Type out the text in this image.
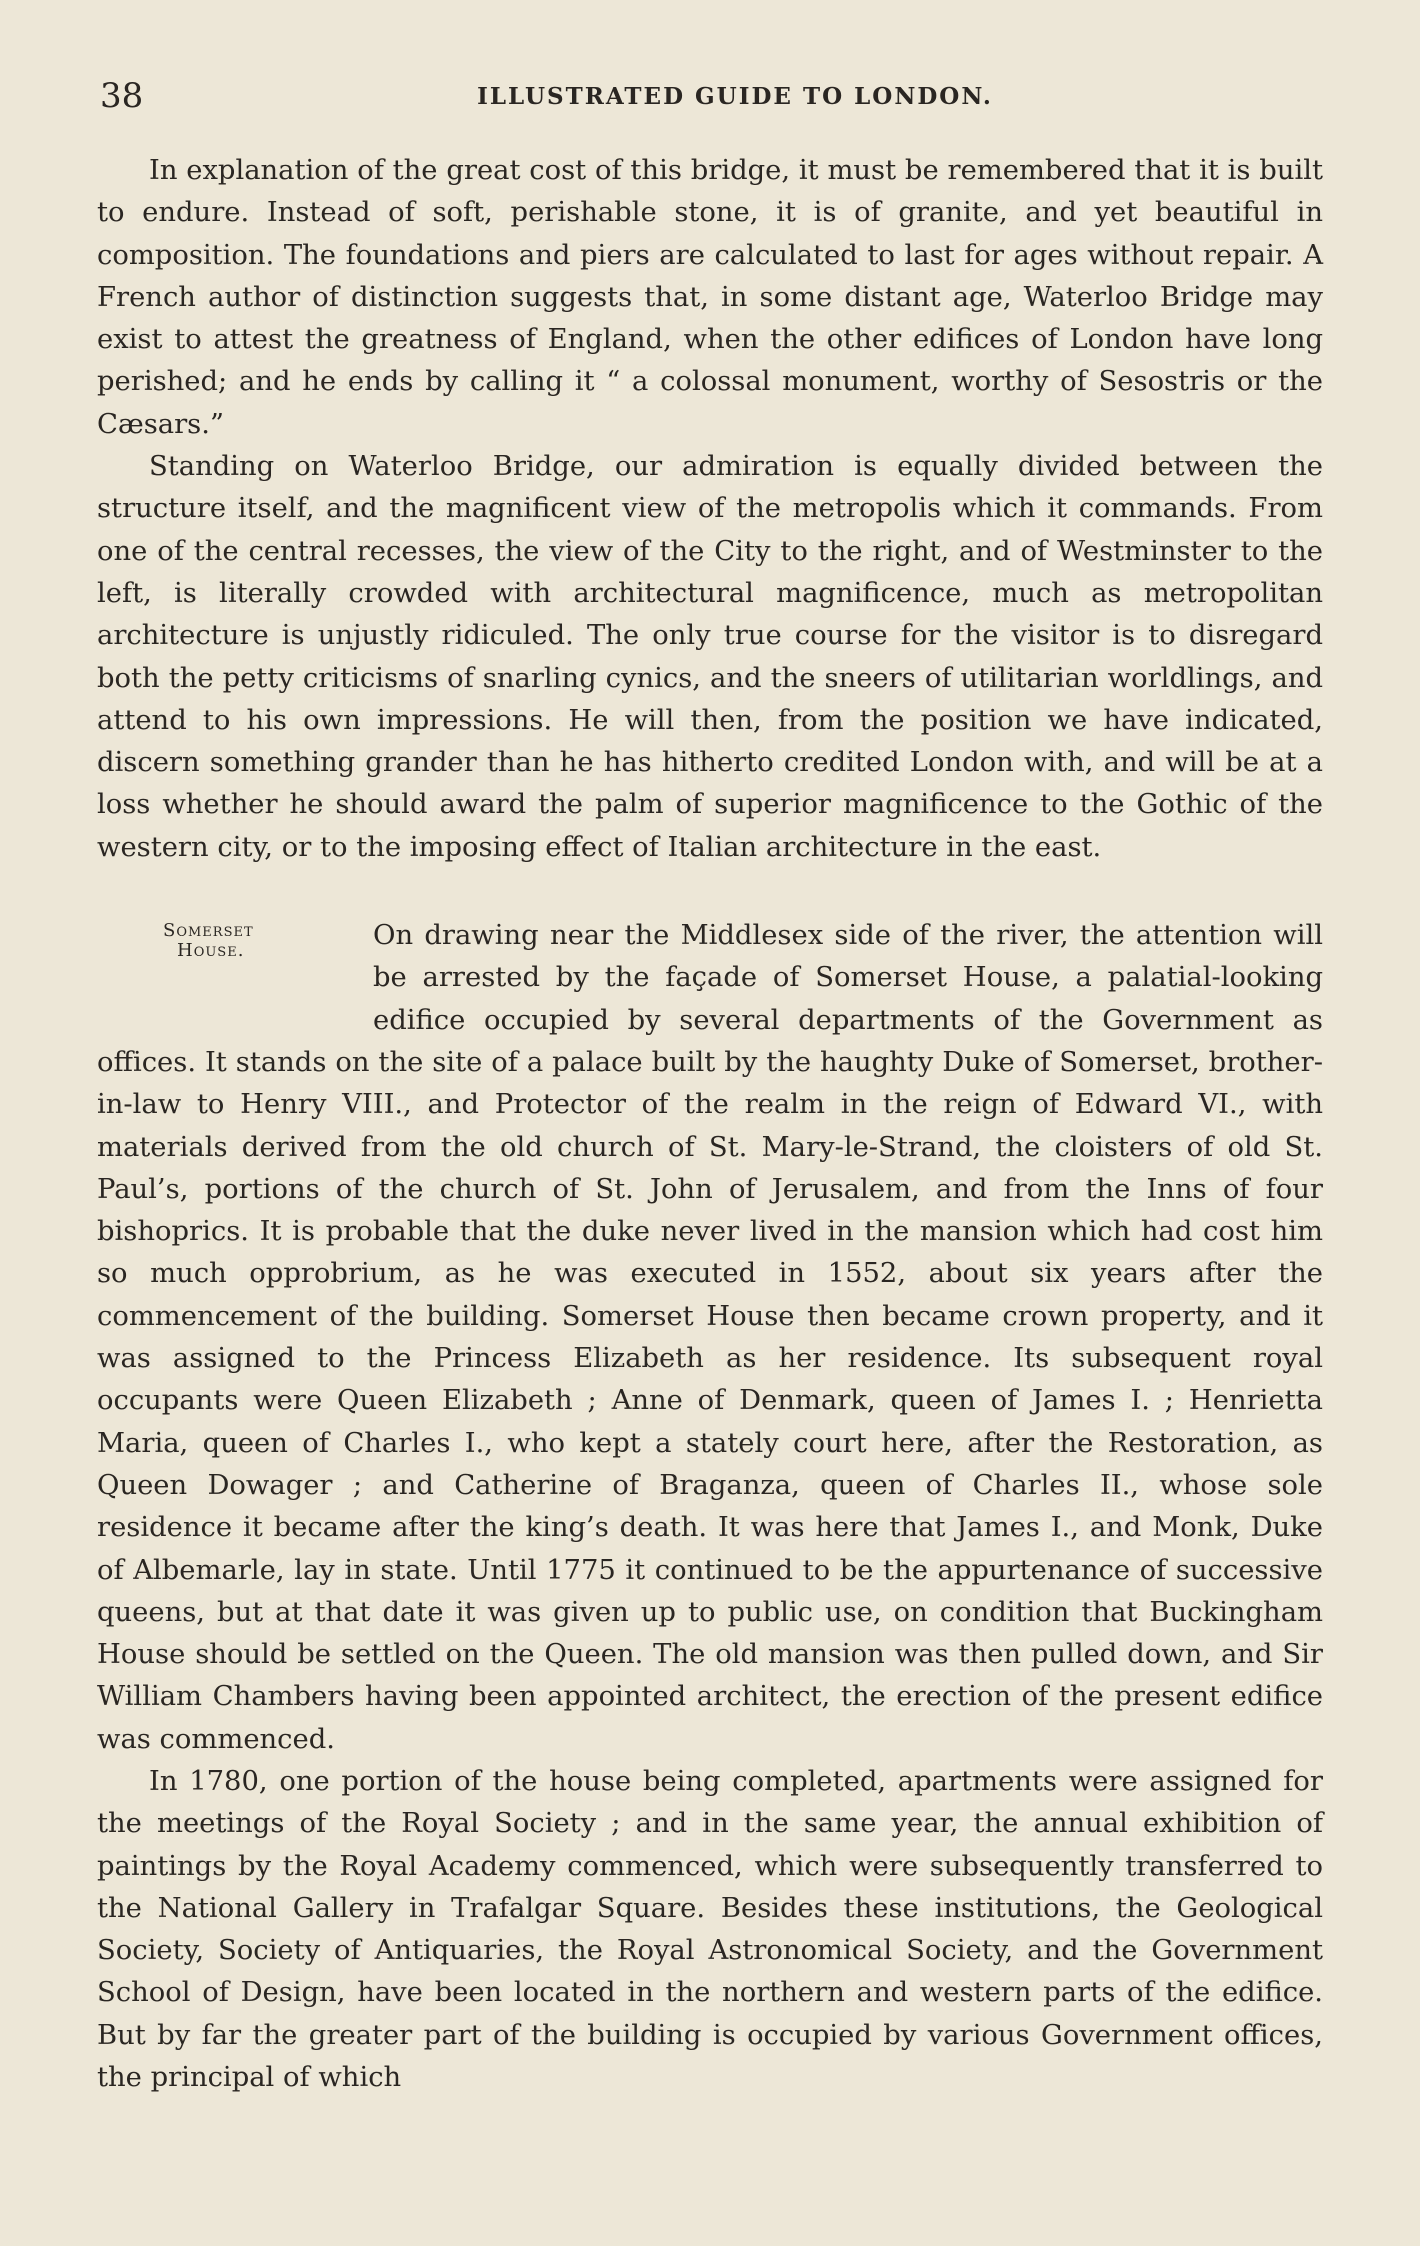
38	ILLUSTRATED GUIDE TO LONDON.

In explanation of the great cost of this bridge, it must be remembered that it is built to endure. Instead of soft, perishable stone, it is of granite, and yet beautiful in composition. The foundations and piers are calculated to last for ages without repair. A French author of distinction suggests that, in some distant age, Waterloo Bridge may exist to attest the greatness of England, when the other edifices of London have long perished; and he ends by calling it “ a colossal monument, worthy of Sesostris or the Cæsars.”

Standing on Waterloo Bridge, our admiration is equally divided between the structure itself, and the magnificent view of the metropolis which it commands. From one of the central recesses, the view of the City to the right, and of Westminster to the left, is literally crowded with architectural magnificence, much as metropolitan architecture is unjustly ridiculed. The only true course for the visitor is to disregard both the petty criticisms of snarling cynics, and the sneers of utilitarian worldlings, and attend to his own impressions. He will then, from the position we have indicated, discern something grander than he has hitherto credited London with, and will be at a loss whether he should award the palm of superior magnificence to the Gothic of the western city, or to the imposing effect of Italian architecture in the east.

Somerset
House.	On drawing near the Middlesex side of the river, the attention will be arrested by the façade of Somerset House, a palatial-looking edifice occupied by several departments of the Government as offices. It stands on the site of a palace built by the haughty Duke of Somerset, brother-in-law to Henry VIII., and Protector of the realm in the reign of Edward VI., with materials derived from the old church of St. Mary-le-Strand, the cloisters of old St. Paul’s, portions of the church of St. John of Jerusalem, and from the Inns of four bishoprics. It is probable that the duke never lived in the mansion which had cost him so much opprobrium, as he was executed in 1552, about six years after the commencement of the building. Somerset House then became crown property, and it was assigned to the Princess Elizabeth as her residence. Its subsequent royal occupants were Queen Elizabeth ; Anne of Denmark, queen of James I. ; Henrietta Maria, queen of Charles I., who kept a stately court here, after the Restoration, as Queen Dowager ; and Catherine of Braganza, queen of Charles II., whose sole residence it became after the king’s death. It was here that James I., and Monk, Duke of Albemarle, lay in state. Until 1775 it continued to be the appurtenance of successive queens, but at that date it was given up to public use, on condition that Buckingham House should be settled on the Queen. The old mansion was then pulled down, and Sir William Chambers having been appointed architect, the erection of the present edifice was commenced.

In 1780, one portion of the house being completed, apartments were assigned for the meetings of the Royal Society ; and in the same year, the annual exhibition of paintings by the Royal Academy commenced, which were subsequently transferred to the National Gallery in Trafalgar Square. Besides these institutions, the Geological Society, Society of Antiquaries, the Royal Astronomical Society, and the Government School of Design, have been located in the northern and western parts of the edifice. But by far the greater part of the building is occupied by various Government offices, the principal of which
